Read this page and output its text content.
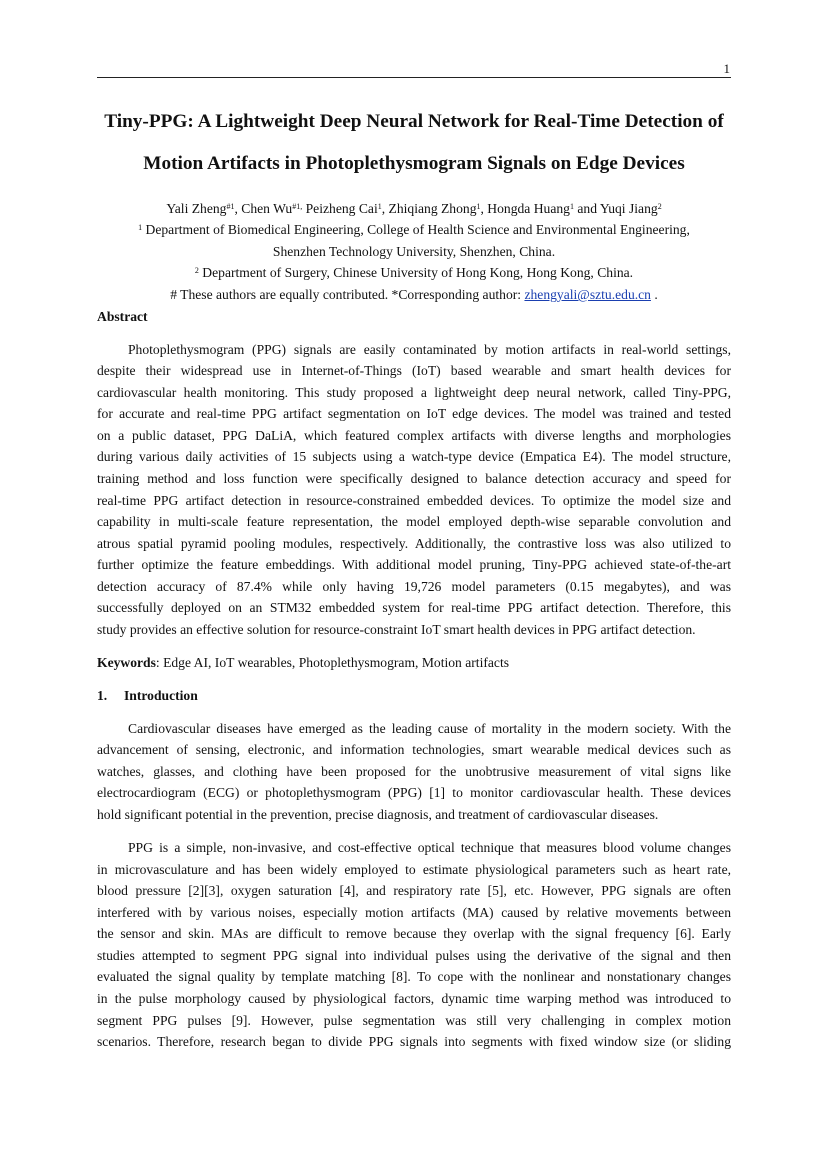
1
Tiny-PPG: A Lightweight Deep Neural Network for Real-Time Detection of
Motion Artifacts in Photoplethysmogram Signals on Edge Devices
Yali Zheng$^{\#1}$, Chen $Wu^{\#1,}$ Peizheng Cai$^1$, Zhiqiang Zhong$^1$, Hongda Huang$^1$ and Yuqi Jiang$^2$
$^1$ Department of Biomedical Engineering, College of Health Science and Environmental Engineering,
Shenzhen Technology University, Shenzhen, China.
$^2$ Department of Surgery, Chinese University of Hong Kong, Hong Kong, China.
# These authors are equally contributed. *Corresponding author: zhengyali@sztu.edu.cn .
Abstract
Photoplethysmogram (PPG) signals are easily contaminated by motion artifacts in real-world settings,
despite their widespread use in Internet-of-Things (IoT) based wearable and smart health devices for
cardiovascular health monitoring. This study proposed a lightweight deep neural network, called Tiny-PPG,
for accurate and real-time PPG artifact segmentation on IoT edge devices. The model was trained and tested
on a public dataset, PPG DaLiA, which featured complex artifacts with diverse lengths and morphologies
during various daily activities of 15 subjects using a watch-type device (Empatica E4). The model structure,
training method and loss function were specifically designed to balance detection accuracy and speed for
real-time PPG artifact detection in resource-constrained embedded devices. To optimize the model size and
capability in multi-scale feature representation, the model employed depth-wise separable convolution and
atrous spatial pyramid pooling modules, respectively. Additionally, the contrastive loss was also utilized to
further optimize the feature embeddings. With additional model pruning, Tiny-PPG achieved state-of-the-art
detection accuracy of 87.4% while only having 19,726 model parameters (0.15 megabytes), and was
successfully deployed on an STM32 embedded system for real-time PPG artifact detection. Therefore, this
study provides an effective solution for resource-constraint IoT smart health devices in PPG artifact detection.
Keywords: Edge AI, IoT wearables, Photoplethysmogram, Motion artifacts
1. Introduction
Cardiovascular diseases have emerged as the leading cause of mortality in the modern society. With the
advancement of sensing, electronic, and information technologies, smart wearable medical devices such as
watches, glasses, and clothing have been proposed for the unobtrusive measurement of vital signs like
electrocardiogram (ECG) or photoplethysmogram (PPG) [1] to monitor cardiovascular health. These devices
hold significant potential in the prevention, precise diagnosis, and treatment of cardiovascular diseases.
PPG is a simple, non-invasive, and cost-effective optical technique that measures blood volume changes
in microvasculature and has been widely employed to estimate physiological parameters such as heart rate,
blood pressure [2][3], oxygen saturation [4], and respiratory rate [5], etc. However, PPG signals are often
interfered with by various noises, especially motion artifacts (MA) caused by relative movements between
the sensor and skin. MAs are difficult to remove because they overlap with the signal frequency [6]. Early
studies attempted to segment PPG signal into individual pulses using the derivative of the signal and then
evaluated the signal quality by template matching [8]. To cope with the nonlinear and nonstationary changes
in the pulse morphology caused by physiological factors, dynamic time warping method was introduced to
segment PPG pulses [9]. However, pulse segmentation was still very challenging in complex motion
scenarios. Therefore, research began to divide PPG signals into segments with fixed window size (or sliding
